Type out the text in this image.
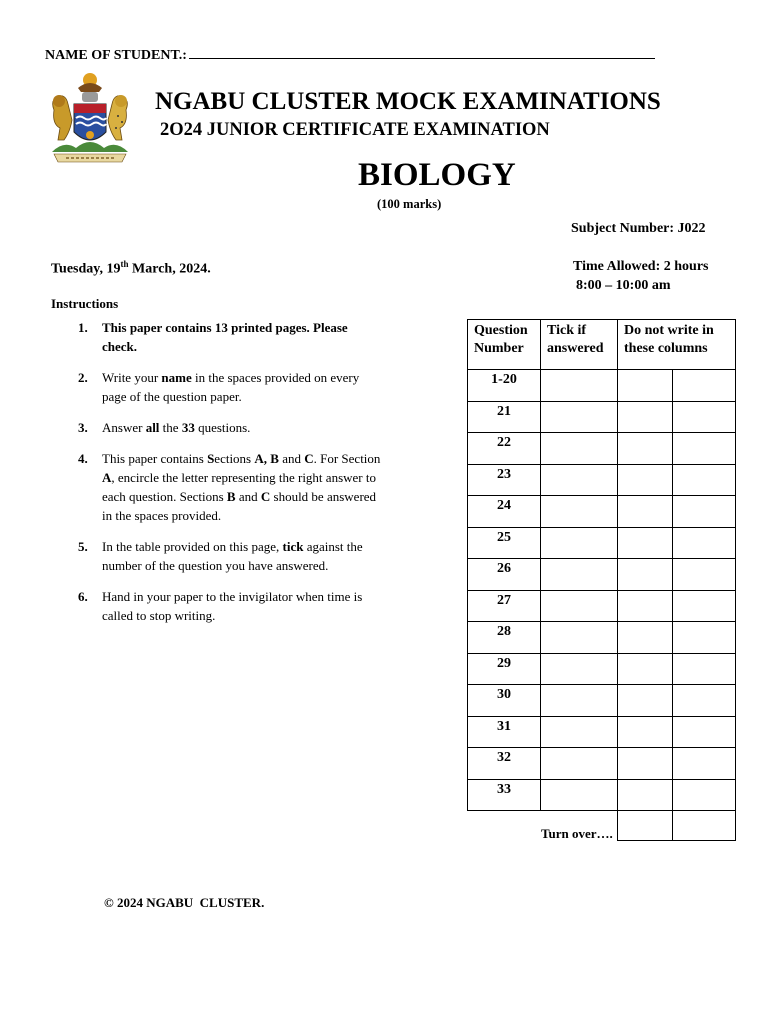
NAME OF STUDENT.:
NGABU CLUSTER MOCK EXAMINATIONS
2O24 JUNIOR CERTIFICATE EXAMINATION
BIOLOGY
(100 marks)
Subject Number: J022
Tuesday, 19th March, 2024.	Time Allowed: 2 hours
8:00 – 10:00 am
Instructions
1. This paper contains 13 printed pages. Please check.
2. Write your name in the spaces provided on every page of the question paper.
3. Answer all the 33 questions.
4. This paper contains Sections A, B and C. For Section A, encircle the letter representing the right answer to each question. Sections B and C should be answered in the spaces provided.
5. In the table provided on this page, tick against the number of the question you have answered.
6. Hand in your paper to the invigilator when time is called to stop writing.
Question Number	Tick if answered	Do not write in these columns	
1-20			
21			
22			
23			
24			
25			
26			
27			
28			
29			
30			
31			
32			
33			

Turn over….
© 2024 NGABU  CLUSTER.
